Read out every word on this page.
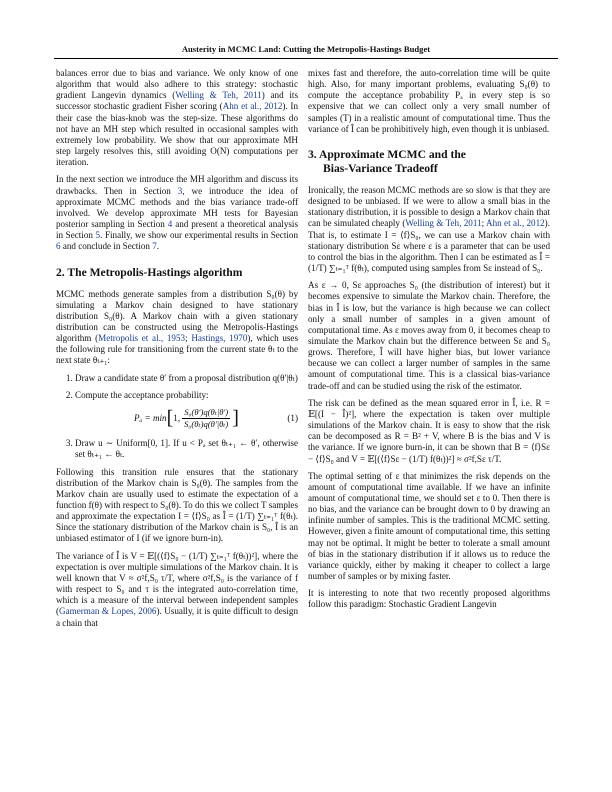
Austerity in MCMC Land: Cutting the Metropolis-Hastings Budget

balances error due to bias and variance. We only know of one algorithm that would also adhere to this strategy: stochastic gradient Langevin dynamics (Welling & Teh, 2011) and its successor stochastic gradient Fisher scoring (Ahn et al., 2012). In their case the bias-knob was the step-size. These algorithms do not have an MH step which resulted in occasional samples with extremely low probability. We show that our approximate MH step largely resolves this, still avoiding O(N) computations per iteration.

In the next section we introduce the MH algorithm and discuss its drawbacks. Then in Section 3, we introduce the idea of approximate MCMC methods and the bias variance trade-off involved. We develop approximate MH tests for Bayesian posterior sampling in Section 4 and present a theoretical analysis in Section 5. Finally, we show our experimental results in Section 6 and conclude in Section 7.

2. The Metropolis-Hastings algorithm

MCMC methods generate samples from a distribution S₀(θ) by simulating a Markov chain designed to have stationary distribution S₀(θ). A Markov chain with a given stationary distribution can be constructed using the Metropolis-Hastings algorithm (Metropolis et al., 1953; Hastings, 1970), which uses the following rule for transitioning from the current state θₜ to the next state θₜ₊₁:

1. Draw a candidate state θ′ from a proposal distribution q(θ′|θₜ)
2. Compute the acceptance probability:
Pₐ = min [ 1, $\frac{\text{S₀(θ′)q(θₜ|θ′)}}{\text{S₀(θₜ)q(θ′|θₜ)}}$ ]	(1)
3. Draw u ∼ Uniform[0, 1]. If u < Pₐ set θₜ₊₁ ← θ′, otherwise set θₜ₊₁ ← θₜ.

Following this transition rule ensures that the stationary distribution of the Markov chain is S₀(θ). The samples from the Markov chain are usually used to estimate the expectation of a function f(θ) with respect to S₀(θ). To do this we collect T samples and approximate the expectation I = ⟨f⟩S₀ as Î = (1/T) ∑ₜ₌₁ᵀ f(θₜ). Since the stationary distribution of the Markov chain is S₀, Î is an unbiased estimator of I (if we ignore burn-in).

The variance of Î is V = 𝔼[(⟨f⟩S₀ − (1/T) ∑ₜ₌₁ᵀ f(θₜ))²], where the expectation is over multiple simulations of the Markov chain. It is well known that V ≈ σ²f,S₀ τ/T, where σ²f,S₀ is the variance of f with respect to S₀ and τ is the integrated auto-correlation time, which is a measure of the interval between independent samples (Gamerman & Lopes, 2006). Usually, it is quite difficult to design a chain that

mixes fast and therefore, the auto-correlation time will be quite high. Also, for many important problems, evaluating S₀(θ) to compute the acceptance probability Pₐ in every step is so expensive that we can collect only a very small number of samples (T) in a realistic amount of computational time. Thus the variance of Î can be prohibitively high, even though it is unbiased.

3. Approximate MCMC and the
Bias-Variance Tradeoff

Ironically, the reason MCMC methods are so slow is that they are designed to be unbiased. If we were to allow a small bias in the stationary distribution, it is possible to design a Markov chain that can be simulated cheaply (Welling & Teh, 2011; Ahn et al., 2012). That is, to estimate I = ⟨f⟩S₀, we can use a Markov chain with stationary distribution Sε where ε is a parameter that can be used to control the bias in the algorithm. Then I can be estimated as Î = (1/T) ∑ₜ₌₁ᵀ f(θₜ), computed using samples from Sε instead of S₀.

As ε → 0, Sε approaches S₀ (the distribution of interest) but it becomes expensive to simulate the Markov chain. Therefore, the bias in Î is low, but the variance is high because we can collect only a small number of samples in a given amount of computational time. As ε moves away from 0, it becomes cheap to simulate the Markov chain but the difference between Sε and S₀ grows. Therefore, Î will have higher bias, but lower variance because we can collect a larger number of samples in the same amount of computational time. This is a classical bias-variance trade-off and can be studied using the risk of the estimator.

The risk can be defined as the mean squared error in Î, i.e. R = 𝔼[(I − Î)²], where the expectation is taken over multiple simulations of the Markov chain. It is easy to show that the risk can be decomposed as R = B² + V, where B is the bias and V is the variance. If we ignore burn-in, it can be shown that B = ⟨f⟩Sε − ⟨f⟩S₀ and V = 𝔼[(⟨f⟩Sε − (1/T) f(θₜ))²] ≈ σ²f,Sε τ/T.

The optimal setting of ε that minimizes the risk depends on the amount of computational time available. If we have an infinite amount of computational time, we should set ε to 0. Then there is no bias, and the variance can be brought down to 0 by drawing an infinite number of samples. This is the traditional MCMC setting. However, given a finite amount of computational time, this setting may not be optimal. It might be better to tolerate a small amount of bias in the stationary distribution if it allows us to reduce the variance quickly, either by making it cheaper to collect a large number of samples or by mixing faster.

It is interesting to note that two recently proposed algorithms follow this paradigm: Stochastic Gradient Langevin
